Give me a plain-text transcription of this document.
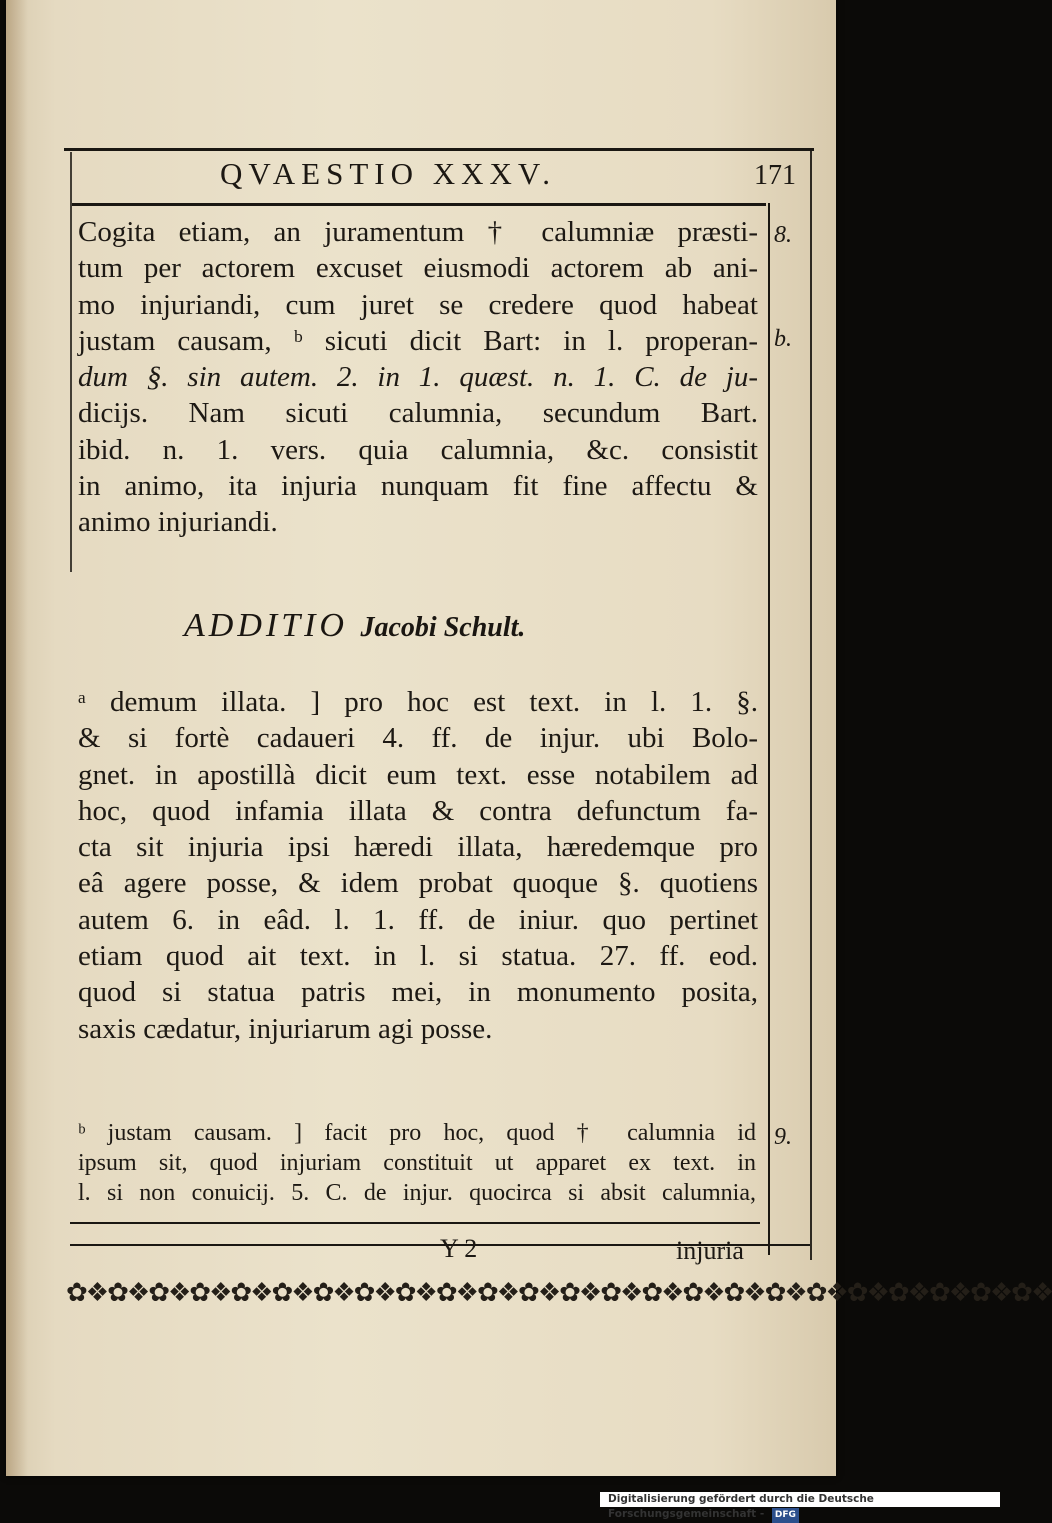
QVAESTIO XXXV.	171
8.
b.
9.
Cogita etiam, an juramentum † calumniæ præsti-
tum per actorem excuset eiusmodi actorem ab ani-
mo injuriandi, cum juret se credere quod habeat
justam causam, ᵇ sicuti dicit Bart: in l. properan-
dum §. sin autem. 2. in 1. quæst. n. 1. C. de ju-
dicijs. Nam sicuti calumnia, secundum Bart.
ibid. n. 1. vers. quia calumnia, &c. consistit
in animo, ita injuria nunquam fit fine affectu &
animo injuriandi.
ADDITIO Jacobi Schult.
ᵃ demum illata. ] pro hoc est text. in l. 1. §.
& si fortè cadaueri 4. ff. de injur. ubi Bolo-
gnet. in apostillà dicit eum text. esse notabilem ad
hoc, quod infamia illata & contra defunctum fa-
cta sit injuria ipsi hæredi illata, hæredemque pro
eâ agere posse, & idem probat quoque §. quotiens
autem 6. in eâd. l. 1. ff. de iniur. quo pertinet
etiam quod ait text. in l. si statua. 27. ff. eod.
quod si statua patris mei, in monumento posita,
saxis cædatur, injuriarum agi posse.
ᵇ justam causam. ] facit pro hoc, quod † calumnia id
ipsum sit, quod injuriam constituit ut apparet ex text. in
l. si non conuicij. 5. C. de injur. quocirca si absit calumnia,
Y 2	injuria
✿❖✿❖✿❖✿❖✿❖✿❖✿❖✿❖✿❖✿❖✿❖✿❖✿❖✿❖✿❖✿❖✿❖✿❖✿❖✿❖✿❖✿❖✿❖✿❖
Digitalisierung gefördert durch die Deutsche Forschungsgemeinschaft - DFG
